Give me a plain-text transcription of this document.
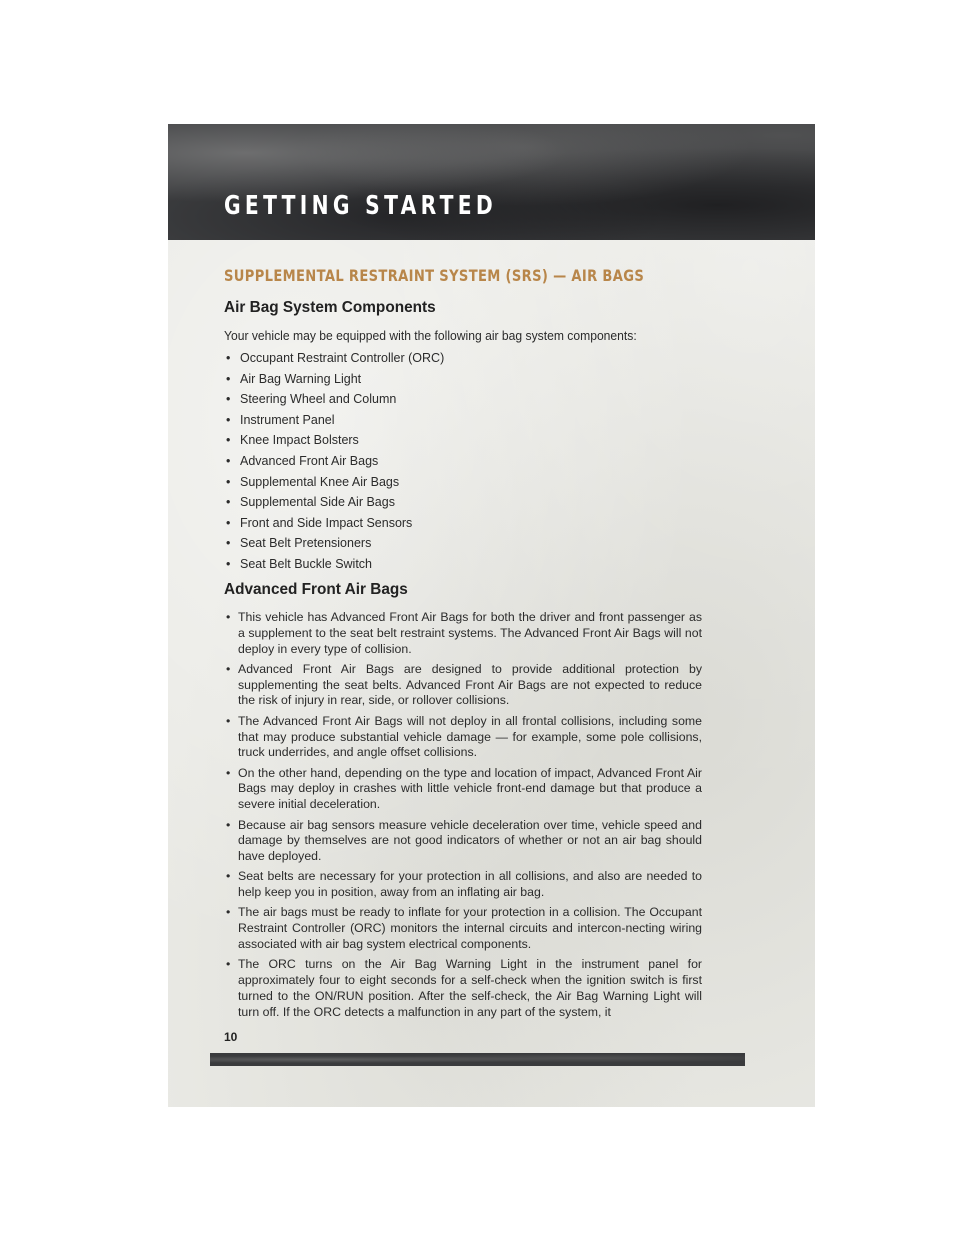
GETTING STARTED
SUPPLEMENTAL RESTRAINT SYSTEM (SRS) — AIR BAGS
Air Bag System Components

Your vehicle may be equipped with the following air bag system components:

• Occupant Restraint Controller (ORC)
• Air Bag Warning Light
• Steering Wheel and Column
• Instrument Panel
• Knee Impact Bolsters
• Advanced Front Air Bags
• Supplemental Knee Air Bags
• Supplemental Side Air Bags
• Front and Side Impact Sensors
• Seat Belt Pretensioners
• Seat Belt Buckle Switch
Advanced Front Air Bags
• This vehicle has Advanced Front Air Bags for both the driver and front passenger as a supplement to the seat belt restraint systems. The Advanced Front Air Bags will not deploy in every type of collision.
• Advanced Front Air Bags are designed to provide additional protection by supplementing the seat belts. Advanced Front Air Bags are not expected to reduce the risk of injury in rear, side, or rollover collisions.
• The Advanced Front Air Bags will not deploy in all frontal collisions, including some that may produce substantial vehicle damage — for example, some pole collisions, truck underrides, and angle offset collisions.
• On the other hand, depending on the type and location of impact, Advanced Front Air Bags may deploy in crashes with little vehicle front-end damage but that produce a severe initial deceleration.
• Because air bag sensors measure vehicle deceleration over time, vehicle speed and damage by themselves are not good indicators of whether or not an air bag should have deployed.
• Seat belts are necessary for your protection in all collisions, and also are needed to help keep you in position, away from an inflating air bag.
• The air bags must be ready to inflate for your protection in a collision. The Occupant Restraint Controller (ORC) monitors the internal circuits and intercon-necting wiring associated with air bag system electrical components.
• The ORC turns on the Air Bag Warning Light in the instrument panel for approximately four to eight seconds for a self-check when the ignition switch is first turned to the ON/RUN position. After the self-check, the Air Bag Warning Light will turn off. If the ORC detects a malfunction in any part of the system, it

10
